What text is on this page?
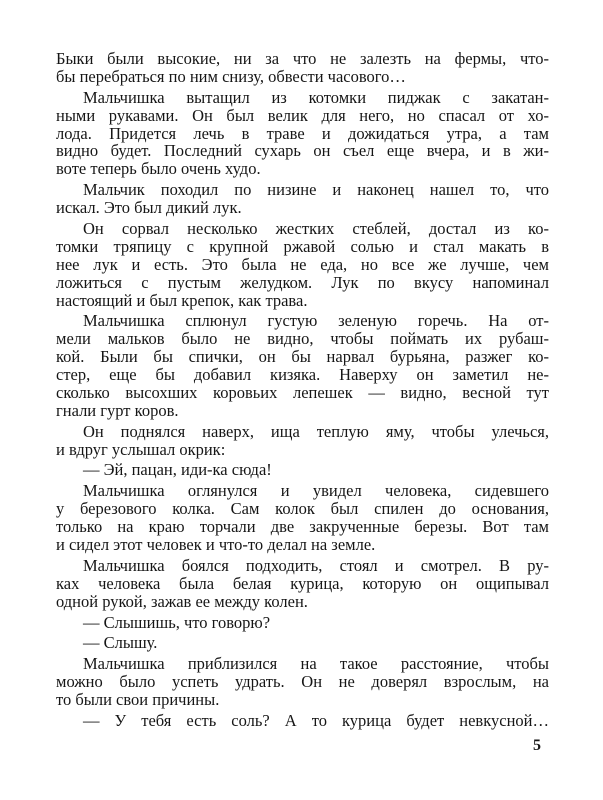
Быки были высокие, ни за что не залезть на фермы, что-

бы перебраться по ним снизу, обвести часового…

Мальчишка вытащил из котомки пиджак с закатан-

ными рукавами. Он был велик для него, но спасал от хо-

лода. Придется лечь в траве и дожидаться утра, а там

видно будет. Последний сухарь он съел еще вчера, и в жи-

воте теперь было очень худо.

Мальчик походил по низине и наконец нашел то, что

искал. Это был дикий лук.

Он сорвал несколько жестких стеблей, достал из ко-

томки тряпицу с крупной ржавой солью и стал макать в

нее лук и есть. Это была не еда, но все же лучше, чем

ложиться с пустым желудком. Лук по вкусу напоминал

настоящий и был крепок, как трава.

Мальчишка сплюнул густую зеленую горечь. На от-

мели мальков было не видно, чтобы поймать их рубаш-

кой. Были бы спички, он бы нарвал бурьяна, разжег ко-

стер, еще бы добавил кизяка. Наверху он заметил не-

сколько высохших коровьих лепешек — видно, весной тут

гнали гурт коров.

Он поднялся наверх, ища теплую яму, чтобы улечься,

и вдруг услышал окрик:

— Эй, пацан, иди-ка сюда!

Мальчишка оглянулся и увидел человека, сидевшего

у березового колка. Сам колок был спилен до основания,

только на краю торчали две закрученные березы. Вот там

и сидел этот человек и что-то делал на земле.

Мальчишка боялся подходить, стоял и смотрел. В ру-

ках человека была белая курица, которую он ощипывал

одной рукой, зажав ее между колен.

— Слышишь, что говорю?

— Слышу.

Мальчишка приблизился на такое расстояние, чтобы

можно было успеть удрать. Он не доверял взрослым, на

то были свои причины.

— У тебя есть соль? А то курица будет невкусной…

5
